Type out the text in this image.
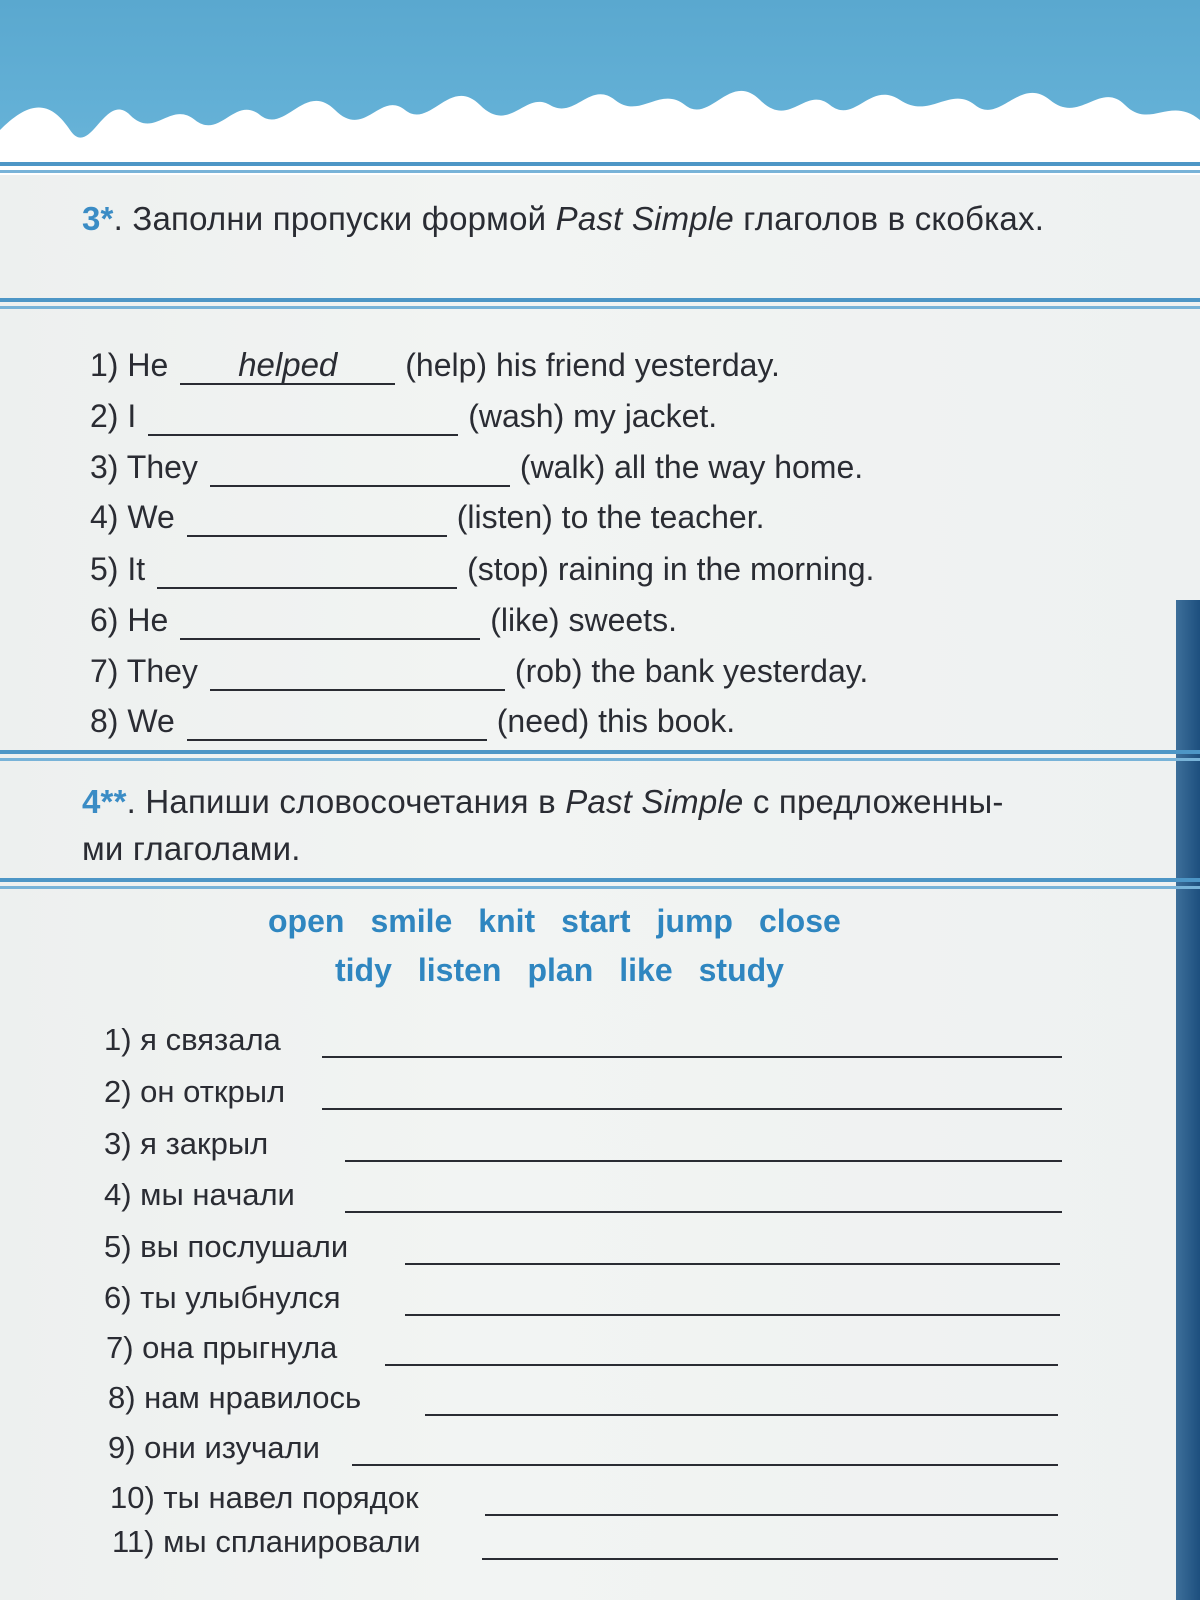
3*. Заполни пропуски формой Past Simple глаголов в скобках.
1) He helped (help) his friend yesterday.
2) I	(wash) my jacket.
3) They	(walk) all the way home.
4) We	(listen) to the teacher.
5) It	(stop) raining in the morning.
6) He	(like) sweets.
7) They	(rob) the bank yesterday.
8) We	(need) this book.
4**. Напиши словосочетания в Past Simple с предложенны-
ми глаголами.
open smile knit start jump close
tidy listen plan like study
1) я связала
2) он открыл
3) я закрыл
4) мы начали
5) вы послушали
6) ты улыбнулся
7) она прыгнула
8) нам нравилось
9) они изучали
10) ты навел порядок
11) мы спланировали
